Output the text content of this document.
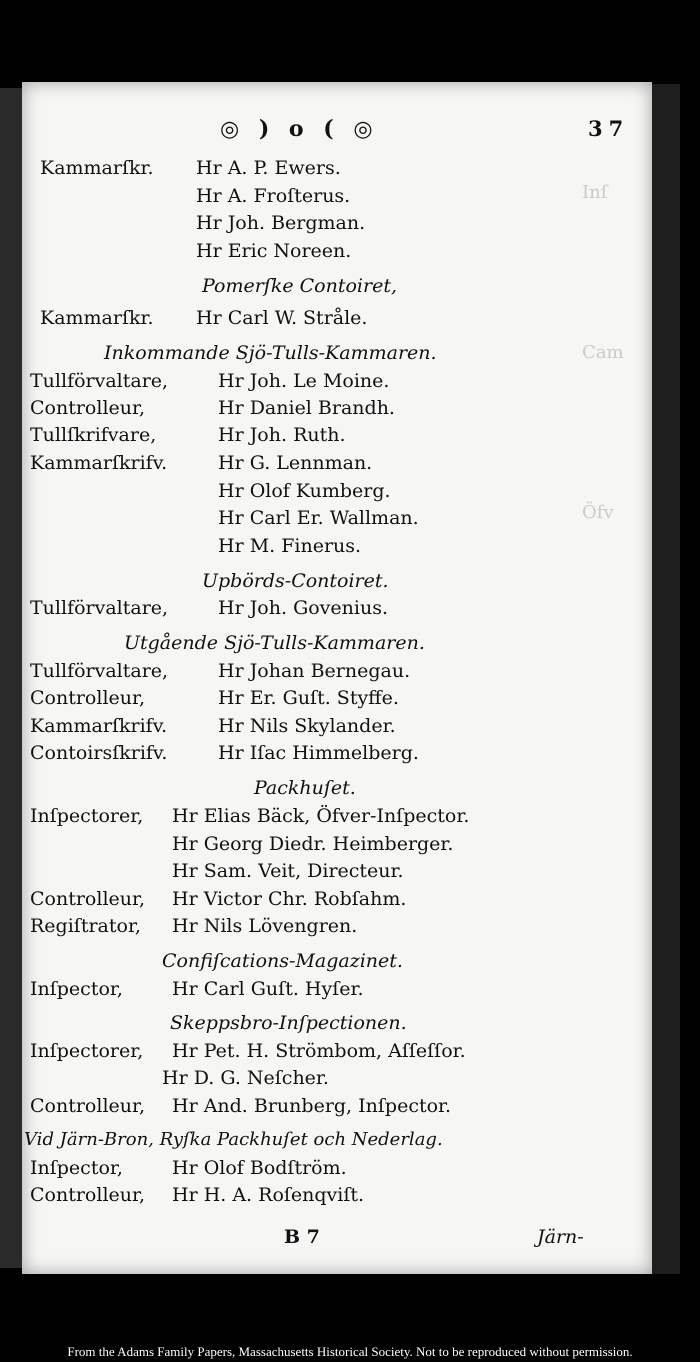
Inſ
Cam
Öfv
◎ ) o ( ◎	37
Kammarſkr. Hr A. P. Ewers.
Hr A. Froſterus.
Hr Joh. Bergman.
Hr Eric Noreen.
Pomerſke Contoiret,
Kammarſkr. Hr Carl W. Stråle.
Inkommande Sjö-Tulls-Kammaren.
Tullförvaltare,	Hr Joh. Le Moine.
Controlleur,	Hr Daniel Brandh.
Tullſkrifvare,	Hr Joh. Ruth.
Kammarſkrifv.	Hr G. Lennman.
Hr Olof Kumberg.
Hr Carl Er. Wallman.
Hr M. Finerus.
Upbörds-Contoiret.
Tullförvaltare,	Hr Joh. Govenius.
Utgående Sjö-Tulls-Kammaren.
Tullförvaltare,	Hr Johan Bernegau.
Controlleur,	Hr Er. Guſt. Styffe.
Kammarſkrifv.	Hr Nils Skylander.
Contoirsſkrifv.	Hr Iſac Himmelberg.
Packhuſet.
Inſpectorer, Hr Elias Bäck, Öfver-Inſpector.
Hr Georg Diedr. Heimberger.
Hr Sam. Veit, Directeur.
Controlleur, Hr Victor Chr. Robſahm.
Regiſtrator, Hr Nils Lövengren.
Confiſcations-Magazinet.
Inſpector,	Hr Carl Guſt. Hyſer.
Skeppsbro-Inſpectionen.
Inſpectorer, Hr Pet. H. Strömbom, Aſſeſſor.
Hr D. G. Neſcher.
Controlleur, Hr And. Brunberg, Inſpector.
Vid Järn-Bron, Ryſka Packhuſet och Nederlag.
Inſpector,	Hr Olof Bodſtröm.
Controlleur, Hr H. A. Roſenqviſt.
B 7	Järn-
From the Adams Family Papers, Massachusetts Historical Society. Not to be reproduced without permission.
